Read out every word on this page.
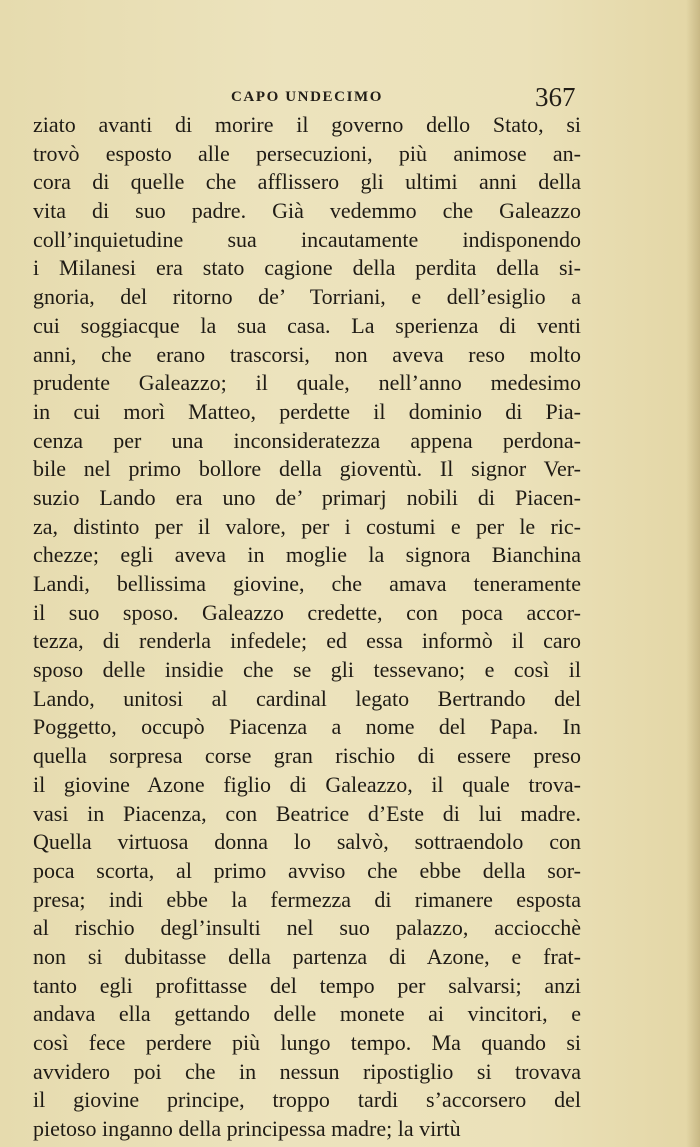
CAPO UNDECIMO	367
ziato avanti di morire il governo dello Stato, si
trovò esposto alle persecuzioni, più animose an-
cora di quelle che afflissero gli ultimi anni della
vita di suo padre. Già vedemmo che Galeazzo
coll’inquietudine sua incautamente indisponendo
i Milanesi era stato cagione della perdita della si-
gnoria, del ritorno de’ Torriani, e dell’esiglio a
cui soggiacque la sua casa. La sperienza di venti
anni, che erano trascorsi, non aveva reso molto
prudente Galeazzo; il quale, nell’anno medesimo
in cui morì Matteo, perdette il dominio di Pia-
cenza per una inconsideratezza appena perdona-
bile nel primo bollore della gioventù. Il signor Ver-
suzio Lando era uno de’ primarj nobili di Piacen-
za, distinto per il valore, per i costumi e per le ric-
chezze; egli aveva in moglie la signora Bianchina
Landi, bellissima giovine, che amava teneramente
il suo sposo. Galeazzo credette, con poca accor-
tezza, di renderla infedele; ed essa informò il caro
sposo delle insidie che se gli tessevano; e così il
Lando, unitosi al cardinal legato Bertrando del
Poggetto, occupò Piacenza a nome del Papa. In
quella sorpresa corse gran rischio di essere preso
il giovine Azone figlio di Galeazzo, il quale trova-
vasi in Piacenza, con Beatrice d’Este di lui madre.
Quella virtuosa donna lo salvò, sottraendolo con
poca scorta, al primo avviso che ebbe della sor-
presa; indi ebbe la fermezza di rimanere esposta
al rischio degl’insulti nel suo palazzo, acciocchè
non si dubitasse della partenza di Azone, e frat-
tanto egli profittasse del tempo per salvarsi; anzi
andava ella gettando delle monete ai vincitori, e
così fece perdere più lungo tempo. Ma quando si
avvidero poi che in nessun ripostiglio si trovava
il giovine principe, troppo tardi s’accorsero del
pietoso inganno della principessa madre; la virtù
